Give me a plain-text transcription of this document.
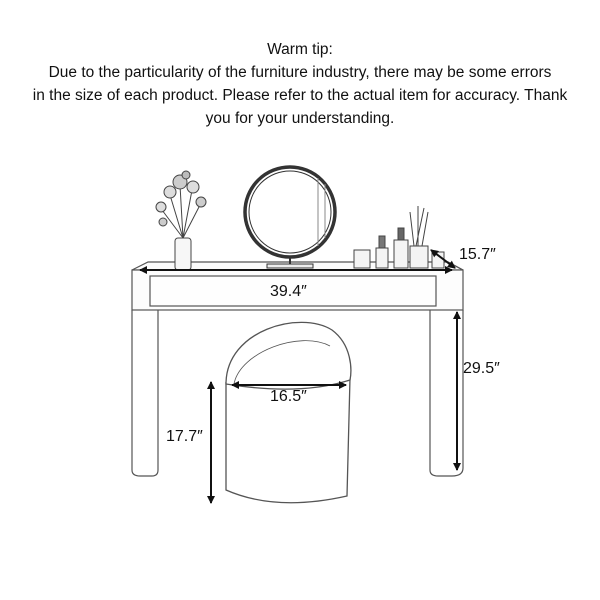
Warm tip:
Due to the particularity of the furniture industry, there may be some errors
in the size of each product. Please refer to the actual item for accuracy. Thank
you for your understanding.
15.7″
39.4″
29.5″
16.5″
17.7″
